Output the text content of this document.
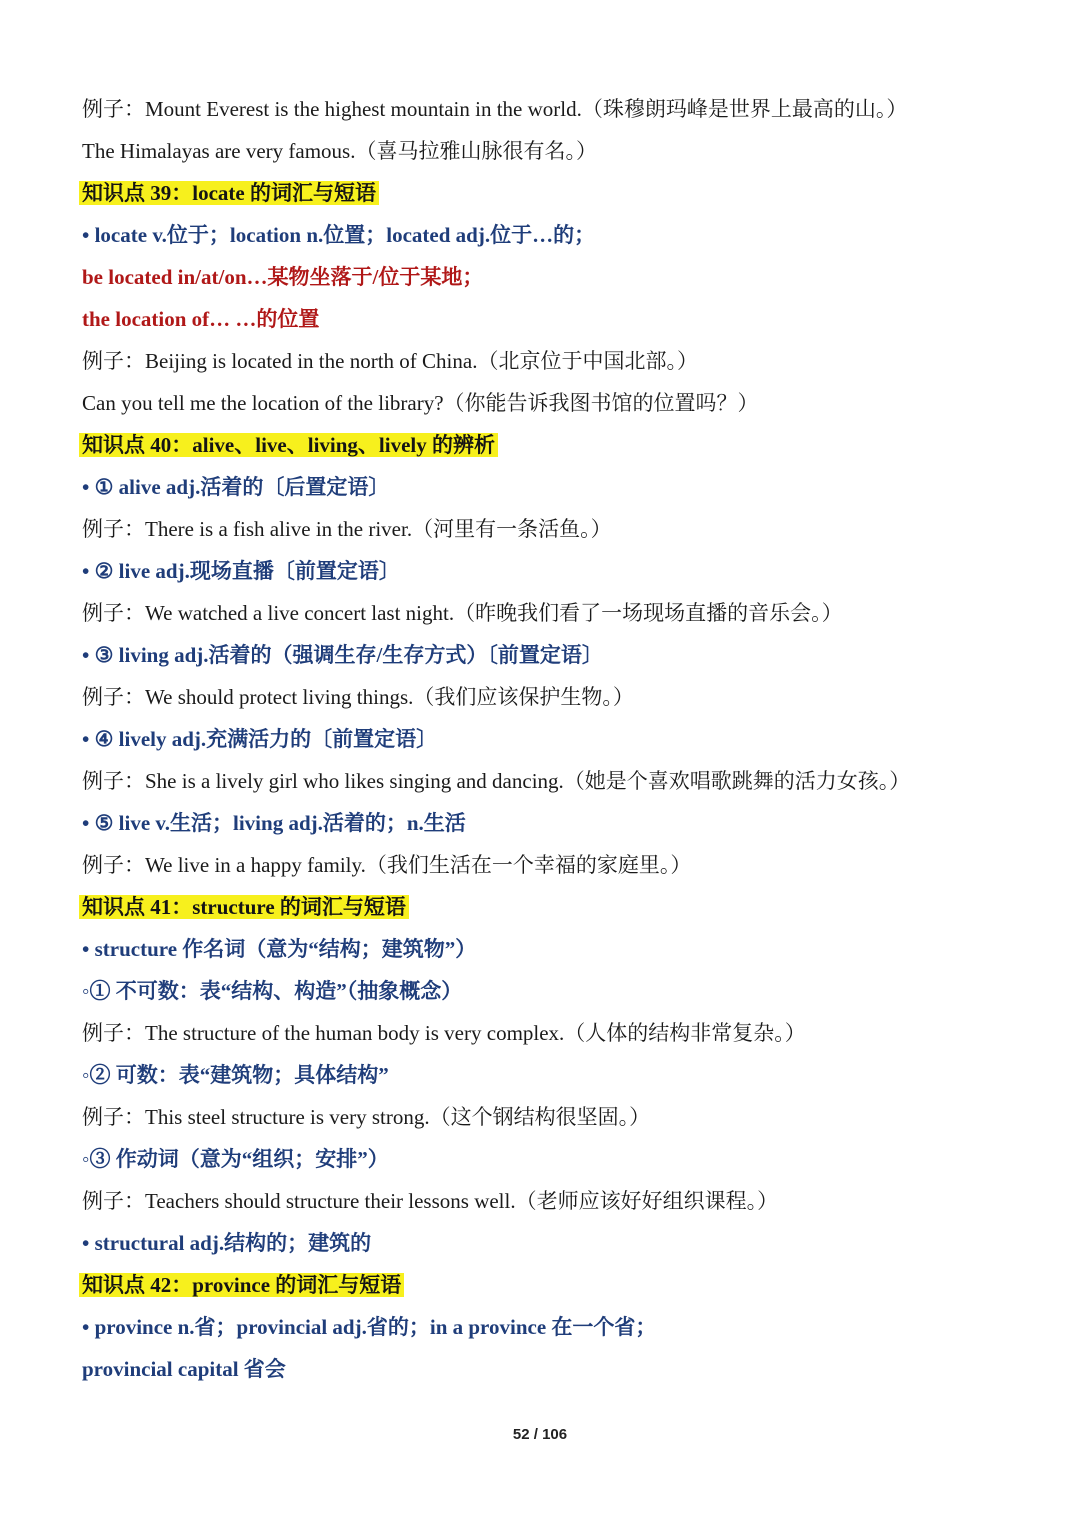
例子：Mount Everest is the highest mountain in the world.（珠穆朗玛峰是世界上最高的山。）
The Himalayas are very famous.（喜马拉雅山脉很有名。）
知识点 39：locate 的词汇与短语
• locate v.位于；location n.位置；located adj.位于…的；
be located in/at/on…某物坐落于/位于某地；
the location of… …的位置
例子：Beijing is located in the north of China.（北京位于中国北部。）
Can you tell me the location of the library?（你能告诉我图书馆的位置吗？）
知识点 40：alive、live、living、lively 的辨析
• ① alive adj.活着的〔后置定语〕
例子：There is a fish alive in the river.（河里有一条活鱼。）
• ② live adj.现场直播〔前置定语〕
例子：We watched a live concert last night.（昨晚我们看了一场现场直播的音乐会。）
• ③ living adj.活着的（强调生存/生存方式）〔前置定语〕
例子：We should protect living things.（我们应该保护生物。）
• ④ lively adj.充满活力的〔前置定语〕
例子：She is a lively girl who likes singing and dancing.（她是个喜欢唱歌跳舞的活力女孩。）
• ⑤ live v.生活；living adj.活着的；n.生活
例子：We live in a happy family.（我们生活在一个幸福的家庭里。）
知识点 41：structure 的词汇与短语
• structure 作名词（意为“结构；建筑物”）
◦① 不可数：表“结构、构造”（抽象概念）
例子：The structure of the human body is very complex.（人体的结构非常复杂。）
◦② 可数：表“建筑物；具体结构”
例子：This steel structure is very strong.（这个钢结构很坚固。）
◦③ 作动词（意为“组织；安排”）
例子：Teachers should structure their lessons well.（老师应该好好组织课程。）
• structural adj.结构的；建筑的
知识点 42：province 的词汇与短语
• province n.省；provincial adj.省的；in a province 在一个省；
provincial capital 省会
52 / 106
